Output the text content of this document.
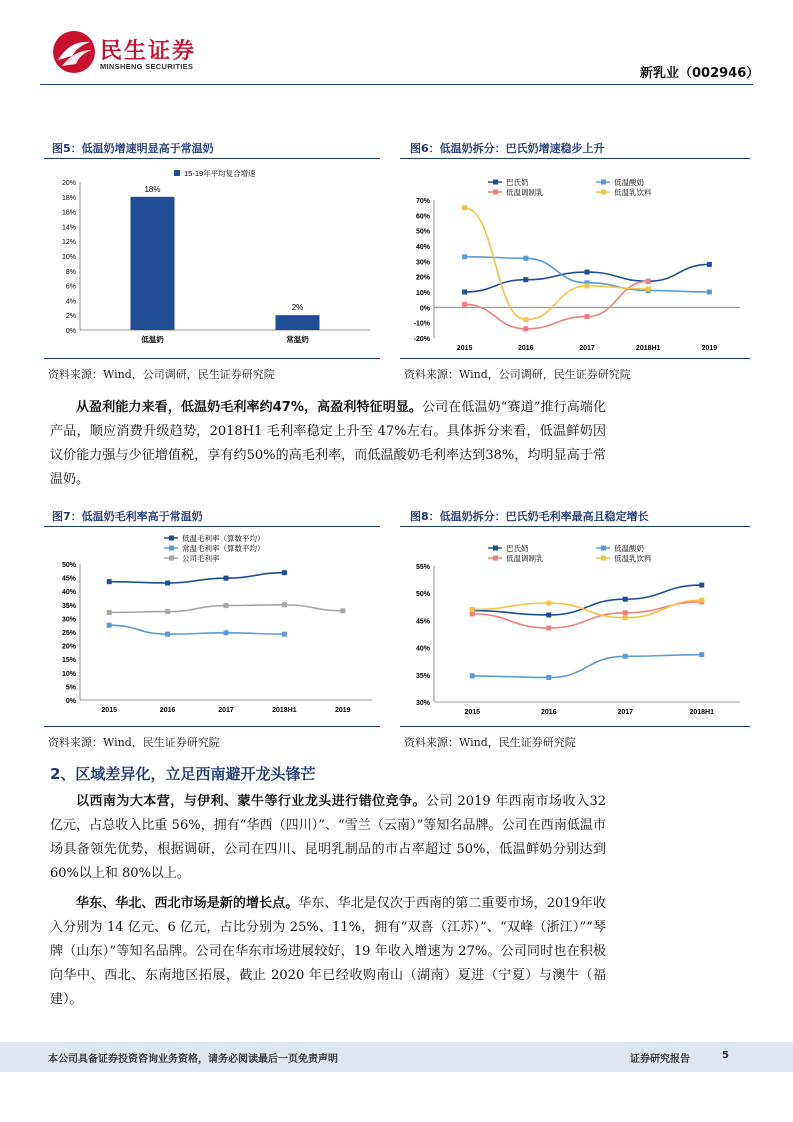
民生证券
MINSHENG SECURITIES	新乳业（002946）
图5：低温奶增速明显高于常温奶
0%
2%
4%
6%
8%
10%
12%
14%
16%
18%
20%
15-19年平均复合增速
18%
低温奶
2%
常温奶
资料来源：Wind，公司调研，民生证券研究院
图6：低温奶拆分：巴氏奶增速稳步上升
-20%
-10%
0%
10%
20%
30%
40%
50%
60%
70%
2015	2016	2017	2018H1	2019
巴氏奶	低温酸奶
低温调制乳	低温乳饮料
资料来源：Wind，公司调研，民生证券研究院

从盈利能力来看，低温奶毛利率约47%，高盈利特征明显。公司在低温奶“赛道”推行高端化产品，顺应消费升级趋势，2018H1 毛利率稳定上升至 47%左右。具体拆分来看，低温鲜奶因议价能力强与少征增值税，享有约50%的高毛利率，而低温酸奶毛利率达到38%，均明显高于常温奶。

图7：低温奶毛利率高于常温奶
0%
5%
10%
15%
20%
25%
30%
35%
40%
45%
50%
2015	2016	2017	2018H1	2019
低温毛利率（算数平均）
常温毛利率（算数平均）
公司毛利率
资料来源：Wind，民生证券研究院
图8：低温奶拆分：巴氏奶毛利率最高且稳定增长
30%
35%
40%
45%
50%
55%
2015	2016	2017	2018H1
巴氏奶	低温酸奶
低温调制乳	低温乳饮料
资料来源：Wind，民生证券研究院
2、区域差异化，立足西南避开龙头锋芒

以西南为大本营，与伊利、蒙牛等行业龙头进行错位竞争。公司 2019 年西南市场收入32 亿元，占总收入比重 56%，拥有“华西（四川）”、“雪兰（云南）”等知名品牌。公司在西南低温市场具备领先优势，根据调研，公司在四川、昆明乳制品的市占率超过 50%，低温鲜奶分别达到 60%以上和 80%以上。

华东、华北、西北市场是新的增长点。华东、华北是仅次于西南的第二重要市场，2019年收入分别为 14 亿元、6 亿元，占比分别为 25%、11%，拥有“双喜（江苏）”、“双峰（浙江）”“琴牌（山东）”等知名品牌。公司在华东市场进展较好，19 年收入增速为 27%。公司同时也在积极向华中、西北、东南地区拓展，截止 2020 年已经收购南山（湖南）夏进（宁夏）与澳牛（福建）。

本公司具备证券投资咨询业务资格，请务必阅读最后一页免责声明	证券研究报告	5
